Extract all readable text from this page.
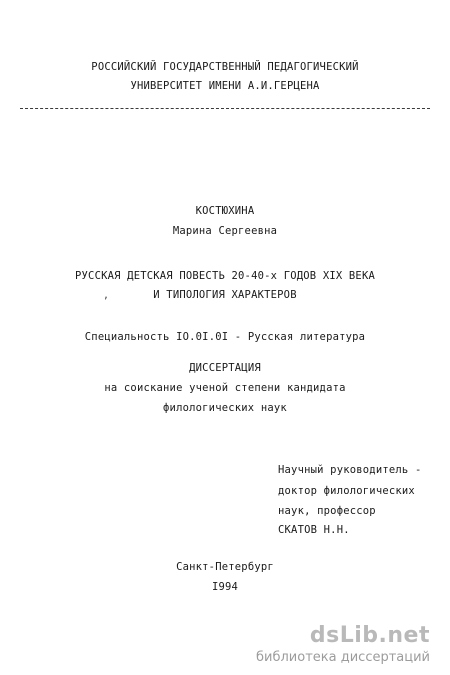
РОССИЙСКИЙ ГОСУДАРСТВЕННЫЙ ПЕДАГОГИЧЕСКИЙ
УНИВЕРСИТЕТ ИМЕНИ А.И.ГЕРЦЕНА
КОСТЮХИНА
Марина Сергеевна
РУССКАЯ ДЕТСКАЯ ПОВЕСТЬ 20-40-х ГОДОВ XIX ВЕКА
И ТИПОЛОГИЯ ХАРАКТЕРОВ
,
Специальность IO.0I.0I - Русская литература
ДИССЕРТАЦИЯ
на соискание ученой степени кандидата
филологических наук
Научный руководитель -
доктор филологических
наук, профессор
СКАТОВ Н.Н.
Санкт-Петербург
I994
dsLib.net
библиотека диссертаций
